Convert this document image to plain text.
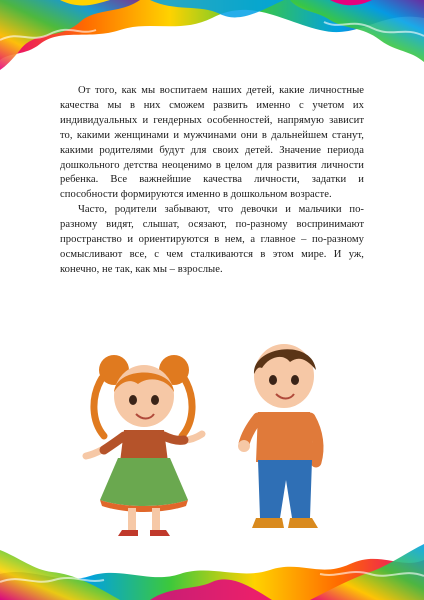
От того, как мы воспитаем наших детей, какие личностные качества мы в них сможем развить именно с учетом их индивидуальных и гендерных особенностей, напрямую зависит то, какими женщинами и мужчинами они в дальнейшем станут, какими родителями будут для своих детей. Значение периода дошкольного детства неоценимо в целом для развития личности ребенка. Все важнейшие качества личности, задатки и способности формируются именно в дошкольном возрасте.

Часто, родители забывают, что девочки и мальчики по-разному видят, слышат, осязают, по-разному воспринимают пространство и ориентируются в нем, а главное – по-разному осмысливают все, с чем сталкиваются в этом мире. И уж, конечно, не так, как мы – взрослые.
